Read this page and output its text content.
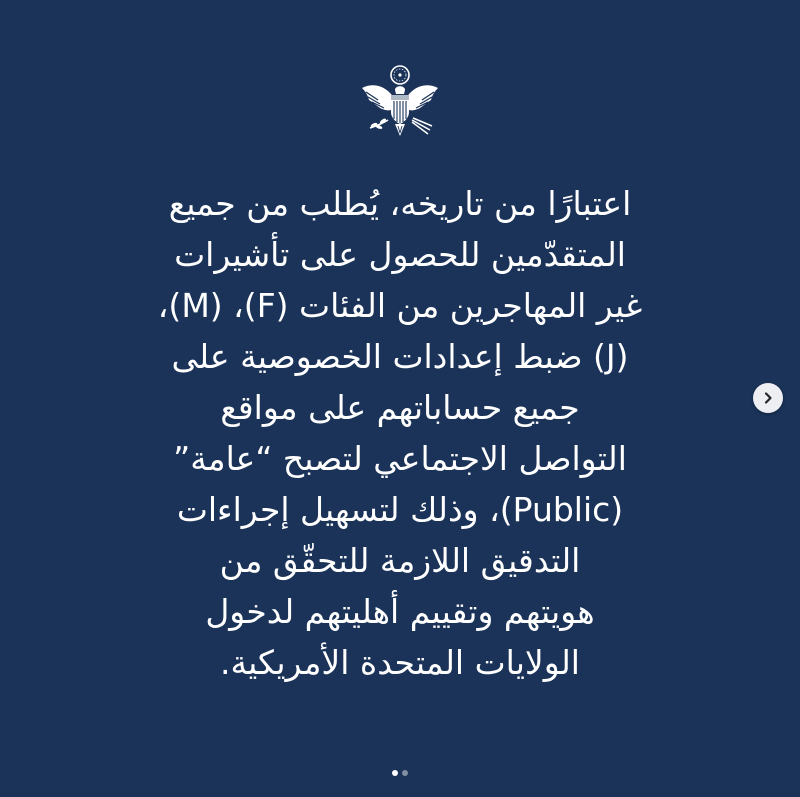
اعتبارًا من تاريخه، يُطلب من جميع
المتقدّمين للحصول على تأشيرات
غير المهاجرين من الفئات (F)، (M)،
(J) ضبط إعدادات الخصوصية على
جميع حساباتهم على مواقع
التواصل الاجتماعي لتصبح “عامة”
(Public)، وذلك لتسهيل إجراءات
التدقيق اللازمة للتحقّق من
هويتهم وتقييم أهليتهم لدخول
الولايات المتحدة الأمريكية.
